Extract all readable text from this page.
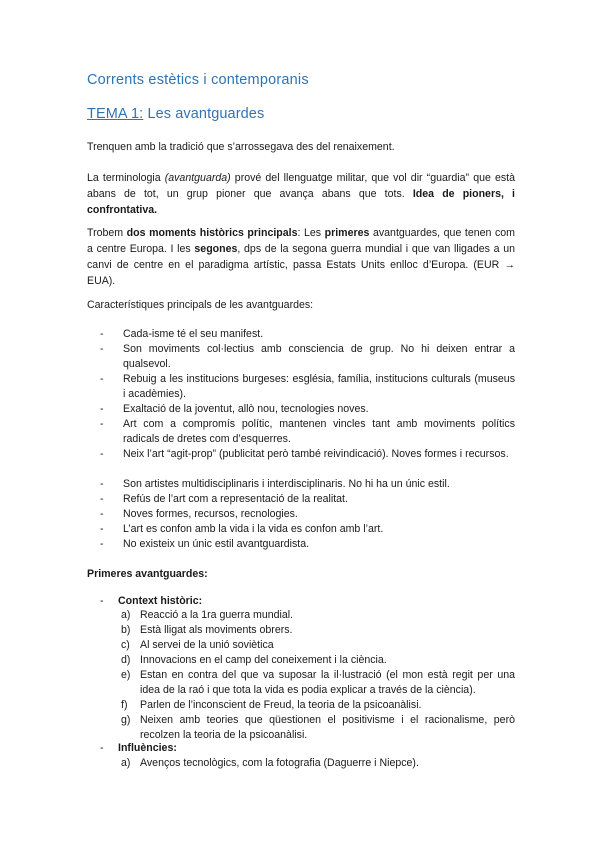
Corrents estètics i contemporanis
TEMA 1: Les avantguardes
Trenquen amb la tradició que s’arrossegava des del renaixement.
La terminologia (avantguarda) prové del llenguatge militar, que vol dir “guardia” que està abans de tot, un grup pioner que avança abans que tots. Idea de pioners, i confrontativa.
Trobem dos moments històrics principals: Les primeres avantguardes, que tenen com a centre Europa. I les segones, dps de la segona guerra mundial i que van lligades a un canvi de centre en el paradigma artístic, passa Estats Units enlloc d’Europa. (EUR → EUA).
Característiques principals de les avantguardes:
- Cada-isme té el seu manifest.
- Son moviments col·lectius amb consciencia de grup. No hi deixen entrar a qualsevol.
- Rebuig a les institucions burgeses: església, família, institucions culturals (museus i acadèmies).
- Exaltació de la joventut, allò nou, tecnologies noves.
- Art com a compromís polític, mantenen vincles tant amb moviments polítics radicals de dretes com d’esquerres.
- Neix l’art “agit-prop” (publicitat però també reivindicació). Noves formes i recursos.
- Son artistes multidisciplinaris i interdisciplinaris. No hi ha un únic estil.
- Refús de l’art com a representació de la realitat.
- Noves formes, recursos, recnologies.
- L’art es confon amb la vida i la vida es confon amb l’art.
- No existeix un únic estil avantguardista.
Primeres avantguardes:
- Context històric:
a) Reacció a la 1ra guerra mundial.
b) Està lligat als moviments obrers.
c) Al servei de la unió soviètica
d) Innovacions en el camp del coneixement i la ciència.
e) Estan en contra del que va suposar la il·lustració (el mon està regit per una idea de la raó i que tota la vida es podia explicar a través de la ciència).
f) Parlen de l’inconscient de Freud, la teoria de la psicoanàlisi.
g) Neixen amb teories que qüestionen el positivisme i el racionalisme, però recolzen la teoria de la psicoanàlisi.
- Influències:
a) Avenços tecnològics, com la fotografia (Daguerre i Niepce).
